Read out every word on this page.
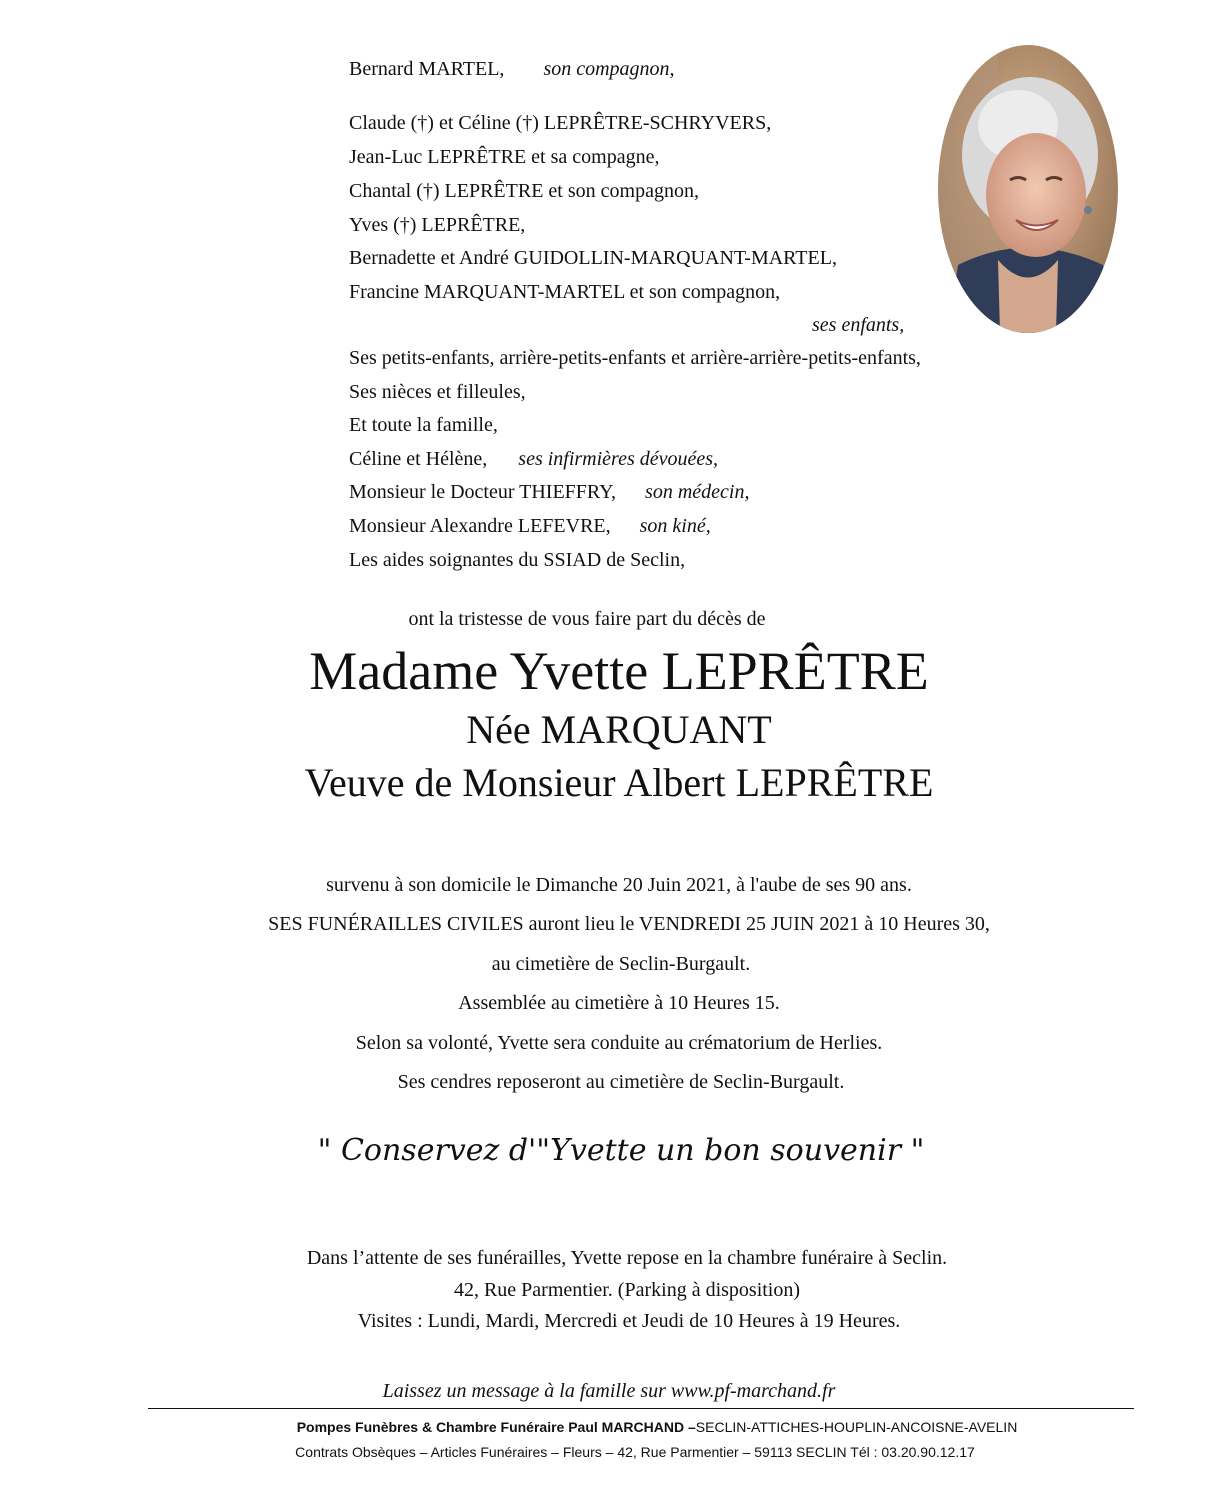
Bernard MARTEL, son compagnon,
Claude (†) et Céline (†) LEPRÊTRE-SCHRYVERS,
Jean-Luc LEPRÊTRE et sa compagne,
Chantal (†) LEPRÊTRE et son compagnon,
Yves (†) LEPRÊTRE,
Bernadette et André GUIDOLLIN-MARQUANT-MARTEL,
Francine MARQUANT-MARTEL et son compagnon,
ses enfants,
Ses petits-enfants, arrière-petits-enfants et arrière-arrière-petits-enfants,
Ses nièces et filleules,
Et toute la famille,
Céline et Hélène, ses infirmières dévouées,
Monsieur le Docteur THIEFFRY, son médecin,
Monsieur Alexandre LEFEVRE, son kiné,
Les aides soignantes du SSIAD de Seclin,
ont la tristesse de vous faire part du décès de
Madame Yvette LEPRÊTRE
Née MARQUANT
Veuve de Monsieur Albert LEPRÊTRE
survenu à son domicile le Dimanche 20 Juin 2021, à l'aube de ses 90 ans.
SES FUNÉRAILLES CIVILES auront lieu le VENDREDI 25 JUIN 2021 à 10 Heures 30,
au cimetière de Seclin-Burgault.
Assemblée au cimetière à 10 Heures 15.
Selon sa volonté, Yvette sera conduite au crématorium de Herlies.
Ses cendres reposeront au cimetière de Seclin-Burgault.
" Conservez d'"Yvette un bon souvenir "
Dans l’attente de ses funérailles, Yvette repose en la chambre funéraire à Seclin.
42, Rue Parmentier. (Parking à disposition)
Visites : Lundi, Mardi, Mercredi et Jeudi de 10 Heures à 19 Heures.
Laissez un message à la famille sur www.pf-marchand.fr
Pompes Funèbres & Chambre Funéraire Paul MARCHAND –SECLIN-ATTICHES-HOUPLIN-ANCOISNE-AVELIN
Contrats Obsèques – Articles Funéraires – Fleurs – 42, Rue Parmentier – 59113 SECLIN Tél : 03.20.90.12.17
